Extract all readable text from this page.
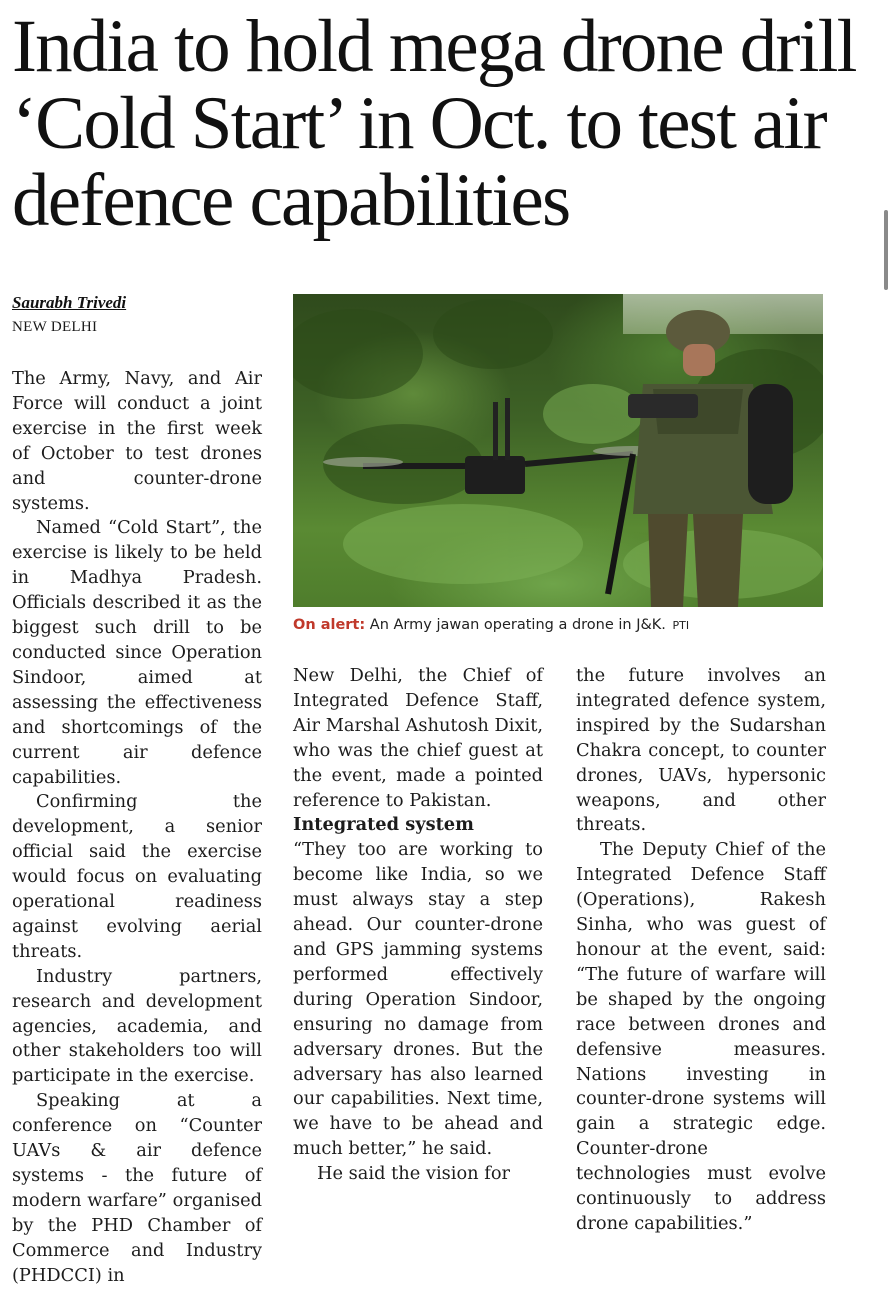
India to hold mega drone drill ‘Cold Start’ in Oct. to test air defence capabilities
Saurabh Trivedi
NEW DELHI

The Army, Navy, and Air Force will conduct a joint exercise in the first week of October to test drones and counter-drone systems.

Named “Cold Start”, the exercise is likely to be held in Madhya Pradesh. Officials described it as the biggest such drill to be conducted since Operation Sindoor, aimed at assessing the effectiveness and shortcomings of the current air defence capabilities.

Confirming the development, a senior official said the exercise would focus on evaluating operational readiness against evolving aerial threats.

Industry partners, research and development agencies, academia, and other stakeholders too will participate in the exercise.

Speaking at a conference on “Counter UAVs & air defence systems - the future of modern warfare” organised by the PHD Chamber of Commerce and Industry (PHDCCI) in

On alert: An Army jawan operating a drone in J&K. PTI

New Delhi, the Chief of Integrated Defence Staff, Air Marshal Ashutosh Dixit, who was the chief guest at the event, made a pointed reference to Pakistan.

Integrated system

“They too are working to become like India, so we must always stay a step ahead. Our counter-drone and GPS jamming systems performed effectively during Operation Sindoor, ensuring no damage from adversary drones. But the adversary has also learned our capabilities. Next time, we have to be ahead and much better,” he said.

He said the vision for

the future involves an integrated defence system, inspired by the Sudarshan Chakra concept, to counter drones, UAVs, hypersonic weapons, and other threats.

The Deputy Chief of the Integrated Defence Staff (Operations), Rakesh Sinha, who was guest of honour at the event, said: “The future of warfare will be shaped by the ongoing race between drones and defensive measures. Nations investing in counter-drone systems will gain a strategic edge. Counter-drone technologies must evolve continuously to address drone capabilities.”
